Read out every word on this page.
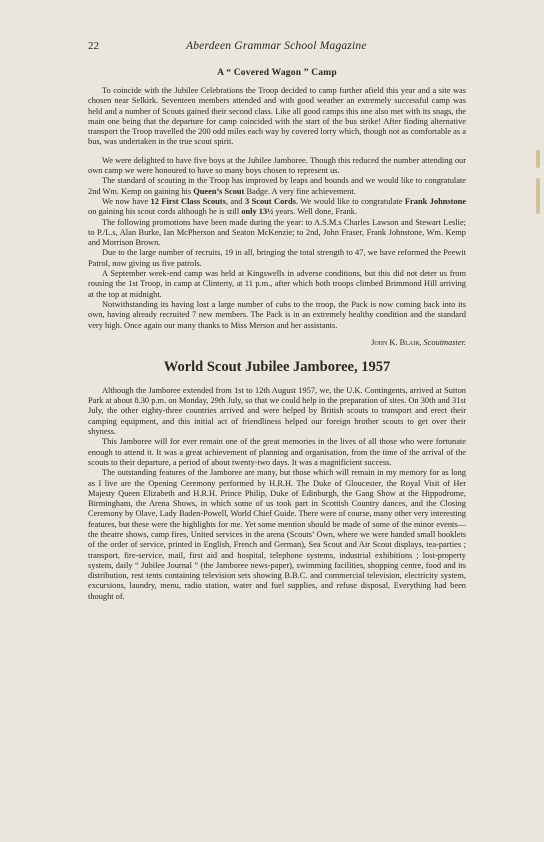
22	Aberdeen Grammar School Magazine
A “ Covered Wagon ” Camp

To coincide with the Jubilee Celebrations the Troop decided to camp further afield this year and a site was chosen near Selkirk. Seventeen members attended and with good weather an extremely successful camp was held and a number of Scouts gained their second class. Like all good camps this one also met with its snags, the main one being that the departure for camp coincided with the start of the bus strike! After finding alternative transport the Troop travelled the 200 odd miles each way by covered lorry which, though not as comfortable as a bus, was undertaken in the true scout spirit.

We were delighted to have five boys at the Jubilee Jamboree. Though this reduced the number attending our own camp we were honoured to have so many boys chosen to represent us.

The standard of scouting in the Troop has improved by leaps and bounds and we would like to congratulate 2nd Wm. Kemp on gaining his Queen’s Scout Badge. A very fine achievement.

We now have 12 First Class Scouts, and 3 Scout Cords. We would like to congratulate Frank Johnstone on gaining his scout cords although he is still only 13½ years. Well done, Frank.

The following promotions have been made during the year: to A.S.M.s Charles Lawson and Stewart Leslie; to P./L.s, Alan Burke, Ian McPherson and Seaton McKenzie; to 2nd, John Fraser, Frank Johnstone, Wm. Kemp and Morrison Brown.

Due to the large number of recruits, 19 in all, bringing the total strength to 47, we have reformed the Peewit Patrol, now giving us five patrols.

A September week-end camp was held at Kingswells in adverse conditions, but this did not deter us from rousing the 1st Troop, in camp at Clinterty, at 11 p.m., after which both troops climbed Brimmond Hill arriving at the top at midnight.

Notwithstanding its having lost a large number of cubs to the troop, the Pack is now coming back into its own, having already recruited 7 new members. The Pack is in an extremely healthy condition and the standard very high. Once again our many thanks to Miss Merson and her assistants.

John K. Blair, Scoutmaster.
World Scout Jubilee Jamboree, 1957

Although the Jamboree extended from 1st to 12th August 1957, we, the U.K. Contingents, arrived at Sutton Park at about 8.30 p.m. on Monday, 29th July, so that we could help in the preparation of sites. On 30th and 31st July, the other eighty-three countries arrived and were helped by British scouts to transport and erect their camping equipment, and this initial act of friendliness helped our foreign brother scouts to get over their shyness.

This Jamboree will for ever remain one of the great memories in the lives of all those who were fortunate enough to attend it. It was a great achievement of planning and organisation, from the time of the arrival of the scouts to their departure, a period of about twenty-two days. It was a magnificient success.

The outstanding features of the Jamboree are many, but those which will remain in my memory for as long as I live are the Opening Ceremony performed by H.R.H. The Duke of Gloucester, the Royal Visit of Her Majesty Queen Elizabeth and H.R.H. Prince Philip, Duke of Edinburgh, the Gang Show at the Hippodrome, Birmingham, the Arena Shows, in which some of us took part in Scottish Country dances, and the Closing Ceremony by Olave, Lady Baden-Powell, World Chief Guide. There were of course, many other very interesting features, but these were the highlights for me. Yet some mention should be made of some of the minor events—the theatre shows, camp fires, United services in the arena (Scouts’ Own, where we were handed small booklets of the order of service, printed in English, French and German), Sea Scout and Air Scout displays, tea-parties ; transport, fire-service, mail, first aid and hospital, telephone systems, industrial exhibitions ; lost-property system, daily “ Jubilee Journal ” (the Jamboree news-paper), swimming facilities, shopping centre, food and its distribution, rest tents containing television sets showing B.B.C. and commercial television, electricity system, excursions, laundry, menu, radio station, water and fuel supplies, and refuse disposal, Everything had been thought of.
